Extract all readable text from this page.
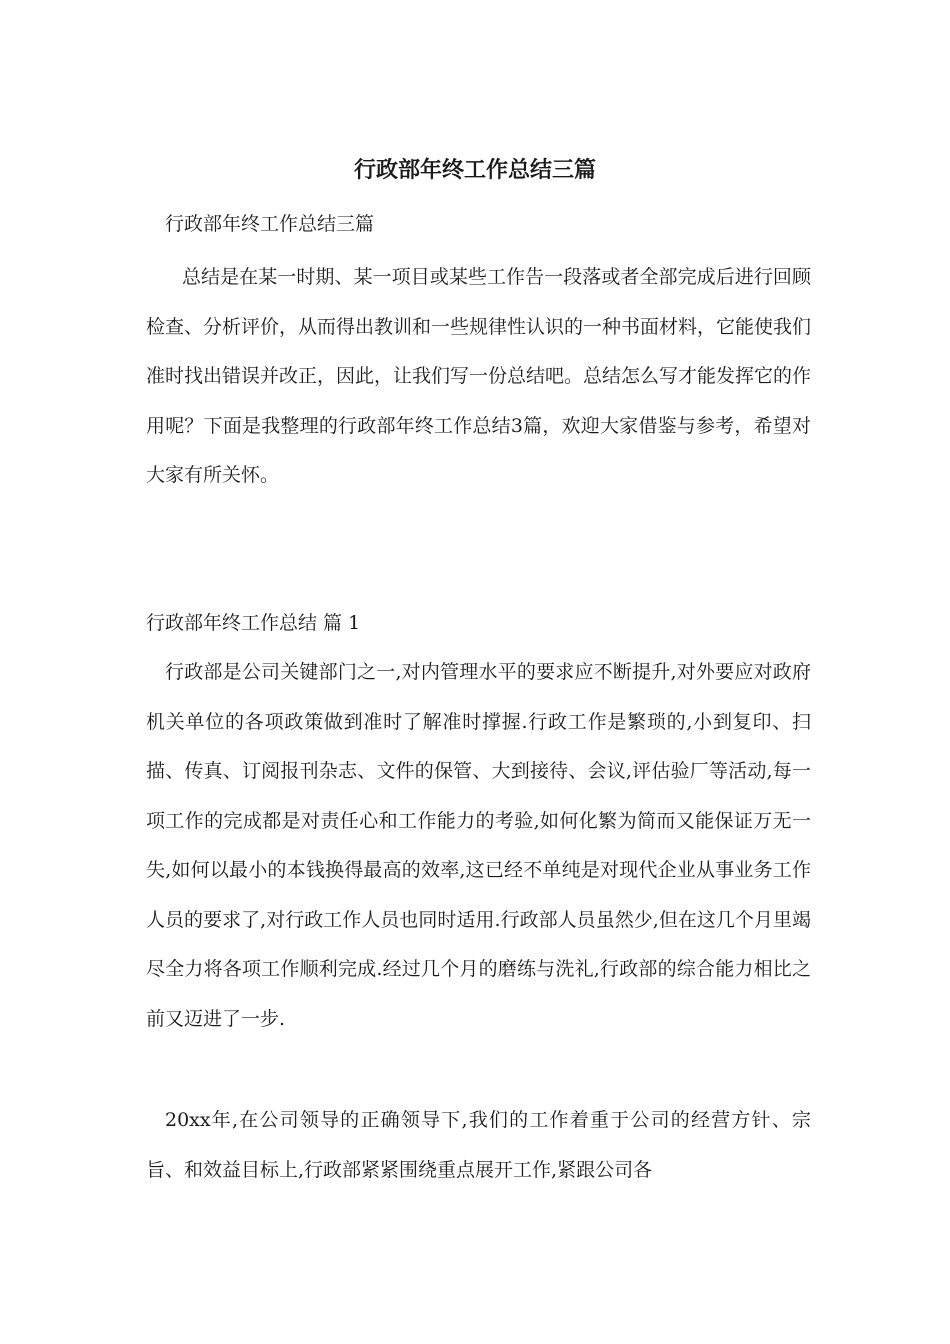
行政部年终工作总结三篇
行政部年终工作总结三篇

总结是在某一时期、某一项目或某些工作告一段落或者全部完成后进行回顾检查、分析评价，从而得出教训和一些规律性认识的一种书面材料，它能使我们准时找出错误并改正，因此，让我们写一份总结吧。总结怎么写才能发挥它的作用呢？下面是我整理的行政部年终工作总结3篇，欢迎大家借鉴与参考，希望对大家有所关怀。

行政部年终工作总结 篇 1

行政部是公司关键部门之一,对内管理水平的要求应不断提升,对外要应对政府机关单位的各项政策做到准时了解准时撑握.行政工作是繁琐的,小到复印、扫描、传真、订阅报刊杂志、文件的保管、大到接待、会议,评估验厂等活动,每一项工作的完成都是对责任心和工作能力的考验,如何化繁为简而又能保证万无一失,如何以最小的本钱换得最高的效率,这已经不单纯是对现代企业从事业务工作人员的要求了,对行政工作人员也同时适用.行政部人员虽然少,但在这几个月里竭尽全力将各项工作顺利完成.经过几个月的磨练与洗礼,行政部的综合能力相比之前又迈进了一步.

20xx年,在公司领导的正确领导下,我们的工作着重于公司的经营方针、宗旨、和效益目标上,行政部紧紧围绕重点展开工作,紧跟公司各
